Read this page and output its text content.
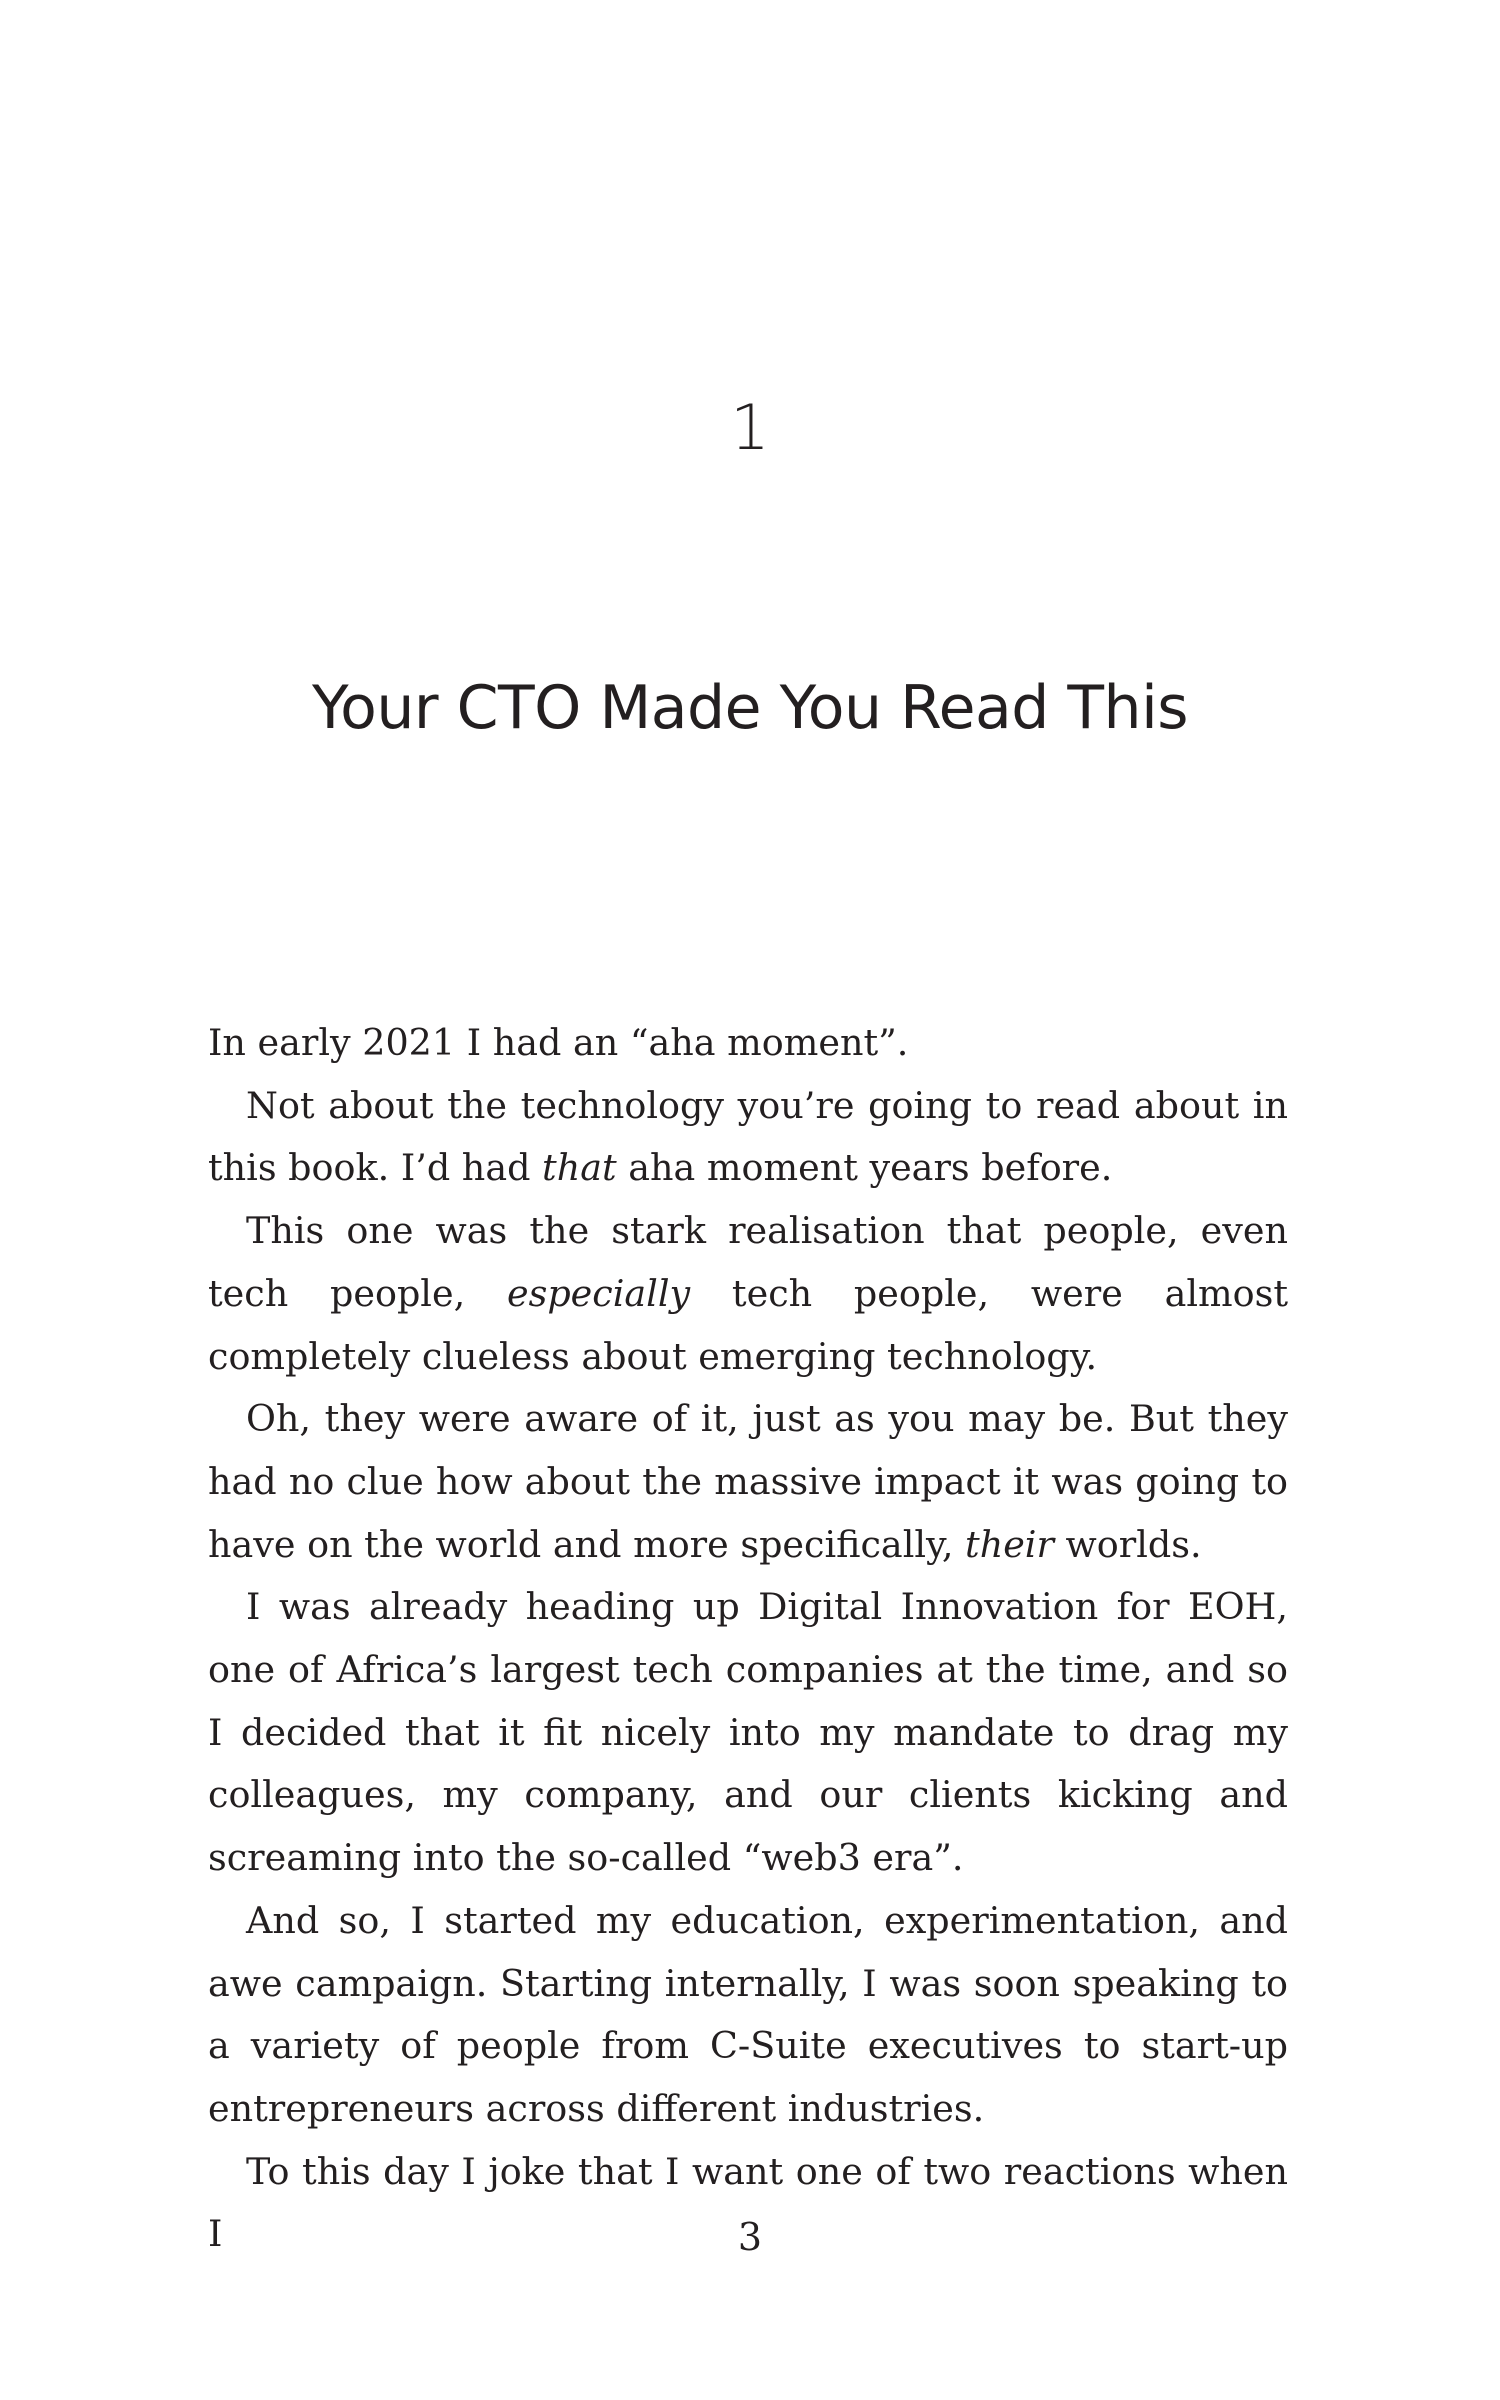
1
Your CTO Made You Read This

In early 2021 I had an “aha moment”.

Not about the technology you’re going to read about in this book. I’d had that aha moment years before.

This one was the stark realisation that people, even tech people, especially tech people, were almost completely clueless about emerging technology.

Oh, they were aware of it, just as you may be. But they had no clue how about the massive impact it was going to have on the world and more specifically, their worlds.

I was already heading up Digital Innovation for EOH, one of Africa’s largest tech companies at the time, and so I decided that it fit nicely into my mandate to drag my colleagues, my company, and our clients kicking and screaming into the so-called “web3 era”.

And so, I started my education, experimentation, and awe campaign. Starting internally, I was soon speaking to a variety of people from C-Suite executives to start-up entrepreneurs across different industries.

To this day I joke that I want one of two reactions when I	3
